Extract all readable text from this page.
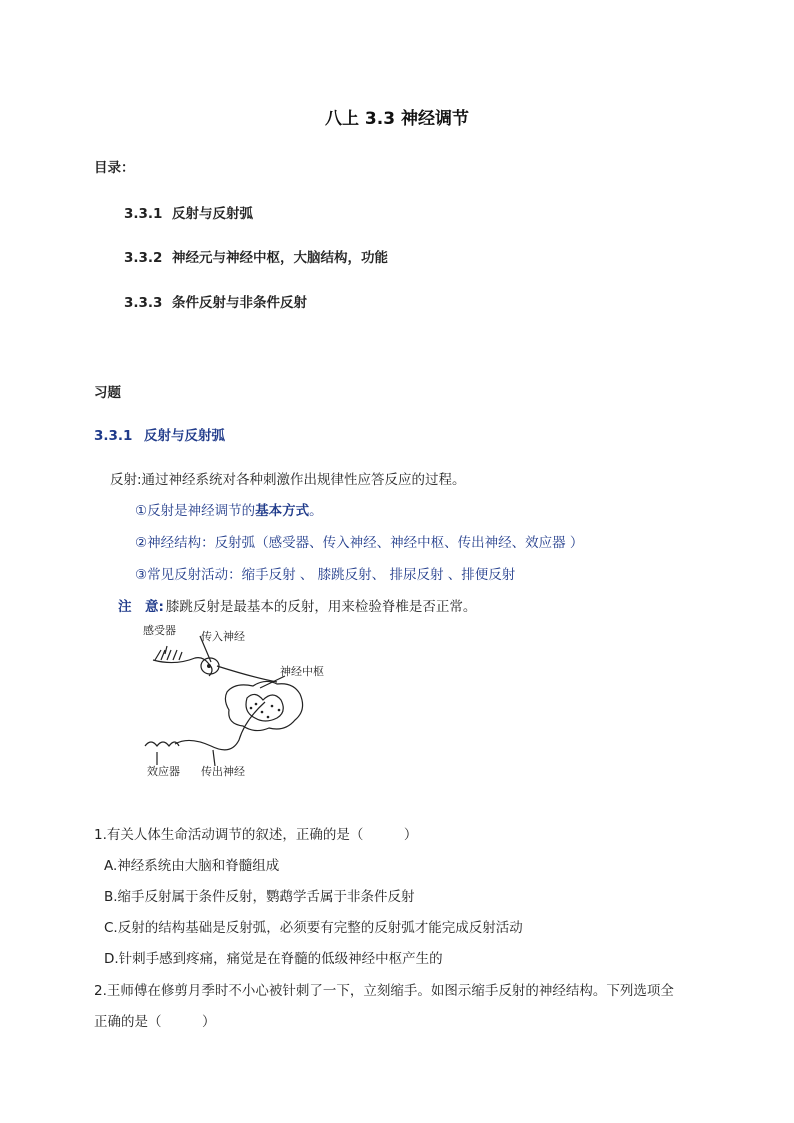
八上 3.3 神经调节
目录：
3.3.1 反射与反射弧
3.3.2 神经元与神经中枢，大脑结构，功能
3.3.3 条件反射与非条件反射
习题
3.3.1 反射与反射弧
反射:通过神经系统对各种刺激作出规律性应答反应的过程。
①反射是神经调节的基本方式。
②神经结构：反射弧（感受器、传入神经、神经中枢、传出神经、效应器 ）
③常见反射活动：缩手反射 、 膝跳反射、 排尿反射 、排便反射
注　意: 膝跳反射是最基本的反射，用来检验脊椎是否正常。
感受器 传入神经
神经中枢
效应器 传出神经
1.有关人体生命活动调节的叙述，正确的是（　　　）
A.神经系统由大脑和脊髓组成
B.缩手反射属于条件反射，鹦鹉学舌属于非条件反射
C.反射的结构基础是反射弧，必须要有完整的反射弧才能完成反射活动
D.针刺手感到疼痛，痛觉是在脊髓的低级神经中枢产生的
2.王师傅在修剪月季时不小心被针刺了一下，立刻缩手。如图示缩手反射的神经结构。下列选项全
正确的是（　　　）
